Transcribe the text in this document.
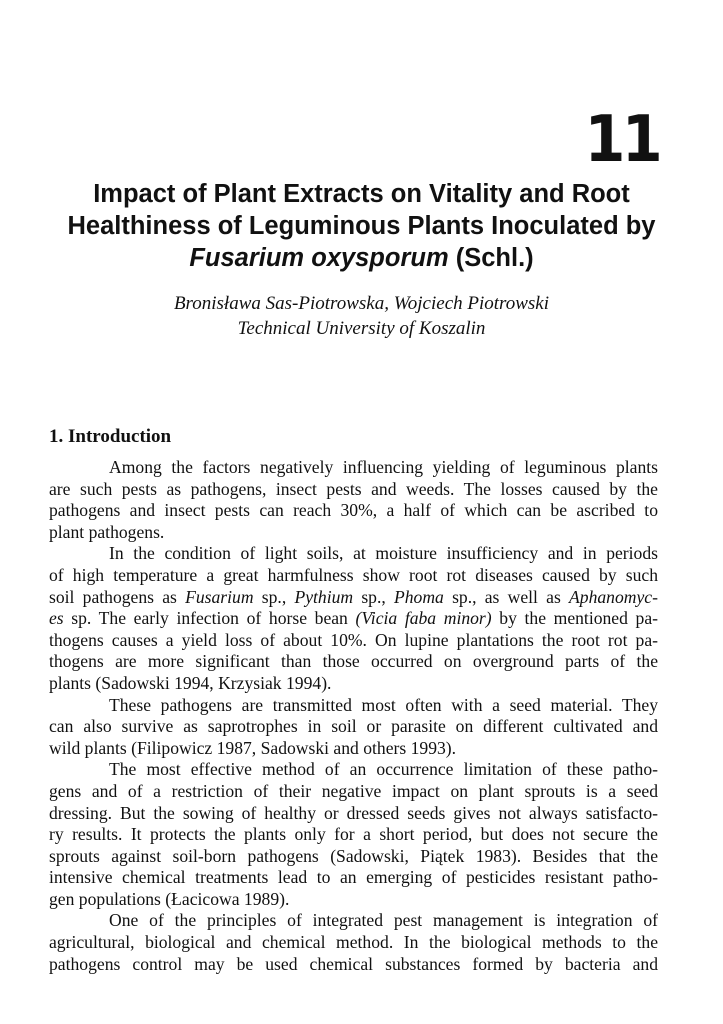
11
Impact of Plant Extracts on Vitality and Root
Healthiness of Leguminous Plants Inoculated by
Fusarium oxysporum (Schl.)
Bronisława Sas-Piotrowska, Wojciech Piotrowski
Technical University of Koszalin
1. Introduction
Among the factors negatively influencing yielding of leguminous plants
are such pests as pathogens, insect pests and weeds. The losses caused by the
pathogens and insect pests can reach 30%, a half of which can be ascribed to
plant pathogens.
In the condition of light soils, at moisture insufficiency and in periods
of high temperature a great harmfulness show root rot diseases caused by such
soil pathogens as Fusarium sp., Pythium sp., Phoma sp., as well as Aphanomyc-
es sp. The early infection of horse bean (Vicia faba minor) by the mentioned pa-
thogens causes a yield loss of about 10%. On lupine plantations the root rot pa-
thogens are more significant than those occurred on overground parts of the
plants (Sadowski 1994, Krzysiak 1994).
These pathogens are transmitted most often with a seed material. They
can also survive as saprotrophes in soil or parasite on different cultivated and
wild plants (Filipowicz 1987, Sadowski and others 1993).
The most effective method of an occurrence limitation of these patho-
gens and of a restriction of their negative impact on plant sprouts is a seed
dressing. But the sowing of healthy or dressed seeds gives not always satisfacto-
ry results. It protects the plants only for a short period, but does not secure the
sprouts against soil-born pathogens (Sadowski, Piątek 1983). Besides that the
intensive chemical treatments lead to an emerging of pesticides resistant patho-
gen populations (Łacicowa 1989).
One of the principles of integrated pest management is integration of
agricultural, biological and chemical method. In the biological methods to the
pathogens control may be used chemical substances formed by bacteria and
